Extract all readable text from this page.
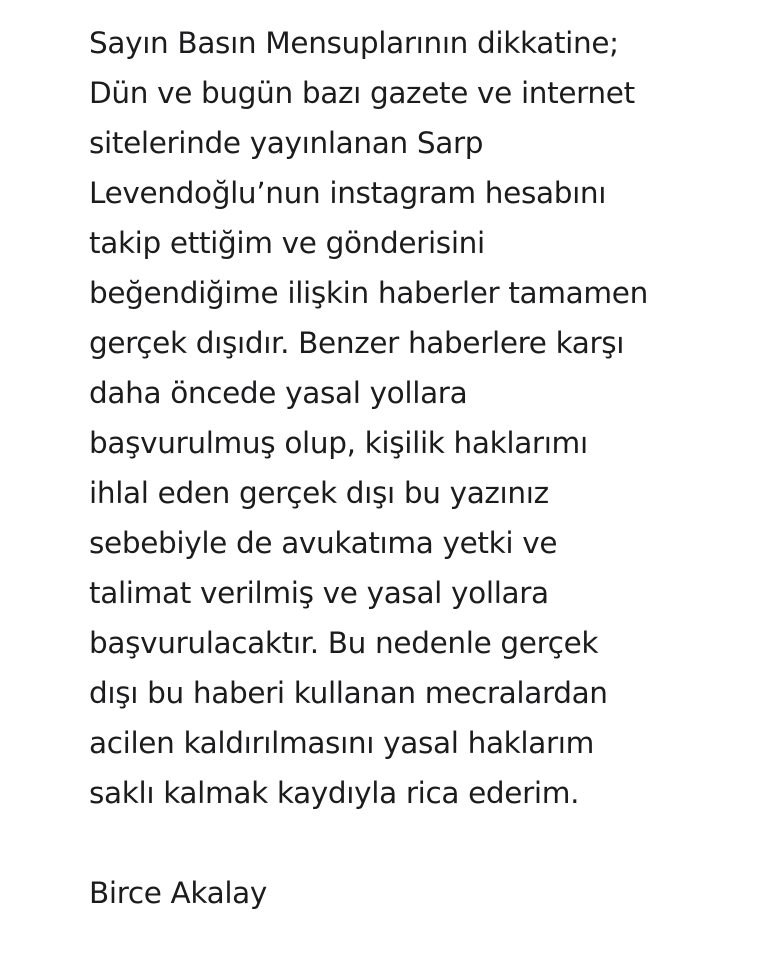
Sayın Basın Mensuplarının dikkatine;
Dün ve bugün bazı gazete ve internet
sitelerinde yayınlanan Sarp
Levendoğlu’nun instagram hesabını
takip ettiğim ve gönderisini
beğendiğime ilişkin haberler tamamen
gerçek dışıdır. Benzer haberlere karşı
daha öncede yasal yollara
başvurulmuş olup, kişilik haklarımı
ihlal eden gerçek dışı bu yazınız
sebebiyle de avukatıma yetki ve
talimat verilmiş ve yasal yollara
başvurulacaktır. Bu nedenle gerçek
dışı bu haberi kullanan mecralardan
acilen kaldırılmasını yasal haklarım
saklı kalmak kaydıyla rica ederim.
Birce Akalay
